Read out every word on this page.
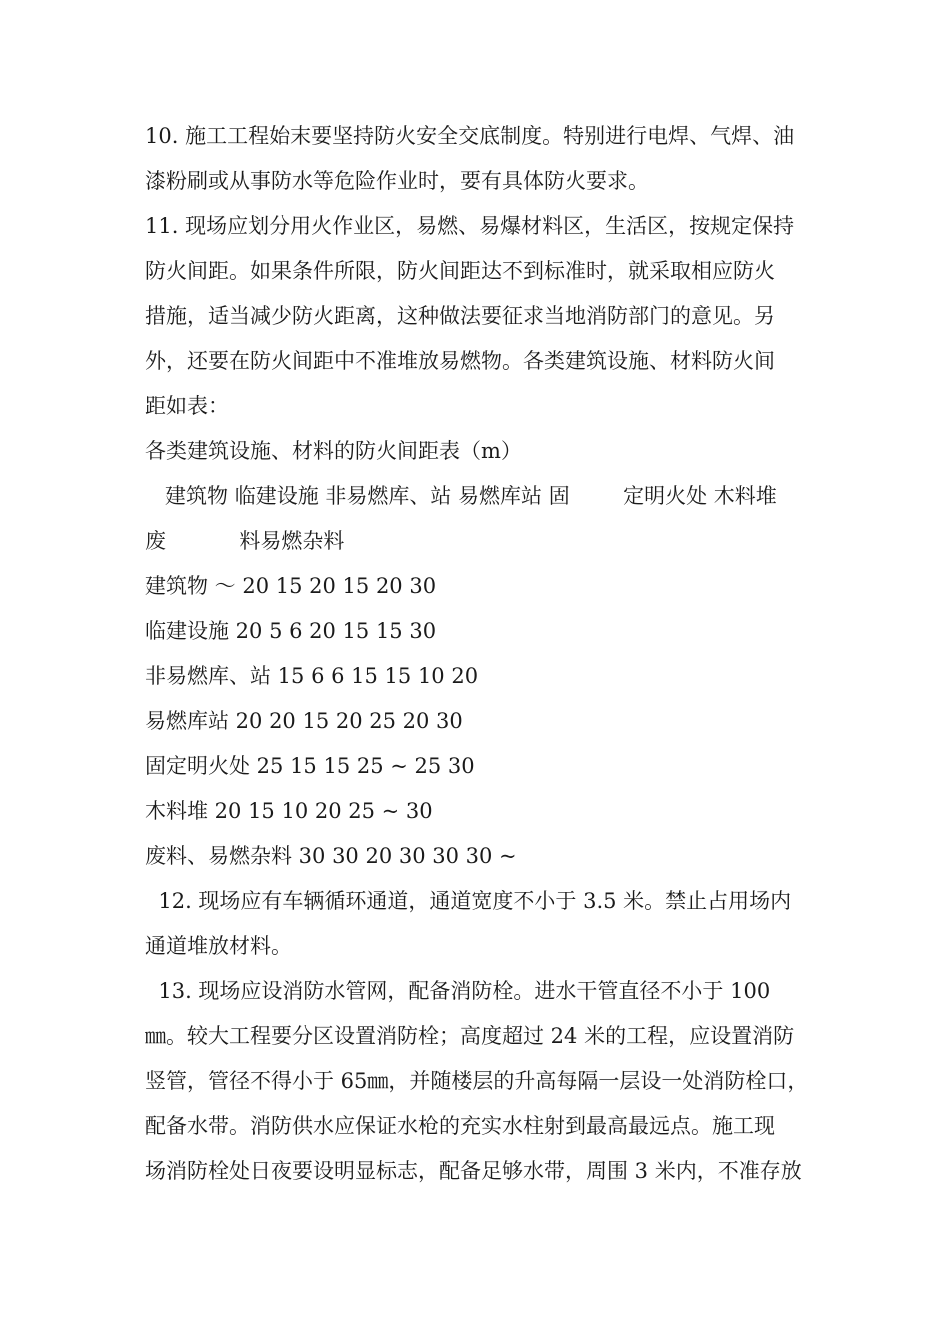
10. 施工工程始末要坚持防火安全交底制度。特别进行电焊、气焊、油
漆粉刷或从事防水等危险作业时，要有具体防火要求。
11. 现场应划分用火作业区，易燃、易爆材料区，生活区，按规定保持
防火间距。如果条件所限，防火间距达不到标准时，就采取相应防火
措施，适当减少防火距离，这种做法要征求当地消防部门的意见。另
外，还要在防火间距中不准堆放易燃物。各类建筑设施、材料防火间
距如表：
各类建筑设施、材料的防火间距表（m）
建筑物 临建设施 非易燃库、站 易燃库站 固        定明火处 木料堆
废           料易燃杂料
建筑物 ～ 20 15 20 15 20 30
临建设施 20 5 6 20 15 15 30
非易燃库、站 15 6 6 15 15 10 20
易燃库站 20 20 15 20 25 20 30
固定明火处 25 15 15 25 ~ 25 30
木料堆 20 15 10 20 25 ~ 30
废料、易燃杂料 30 30 20 30 30 30 ~
12. 现场应有车辆循环通道，通道宽度不小于 3.5 米。禁止占用场内
通道堆放材料。
13. 现场应设消防水管网，配备消防栓。进水干管直径不小于 100
㎜。较大工程要分区设置消防栓；高度超过 24 米的工程，应设置消防
竖管，管径不得小于 65㎜，并随楼层的升高每隔一层设一处消防栓口，
配备水带。消防供水应保证水枪的充实水柱射到最高最远点。施工现
场消防栓处日夜要设明显标志，配备足够水带，周围 3 米内，不准存放
